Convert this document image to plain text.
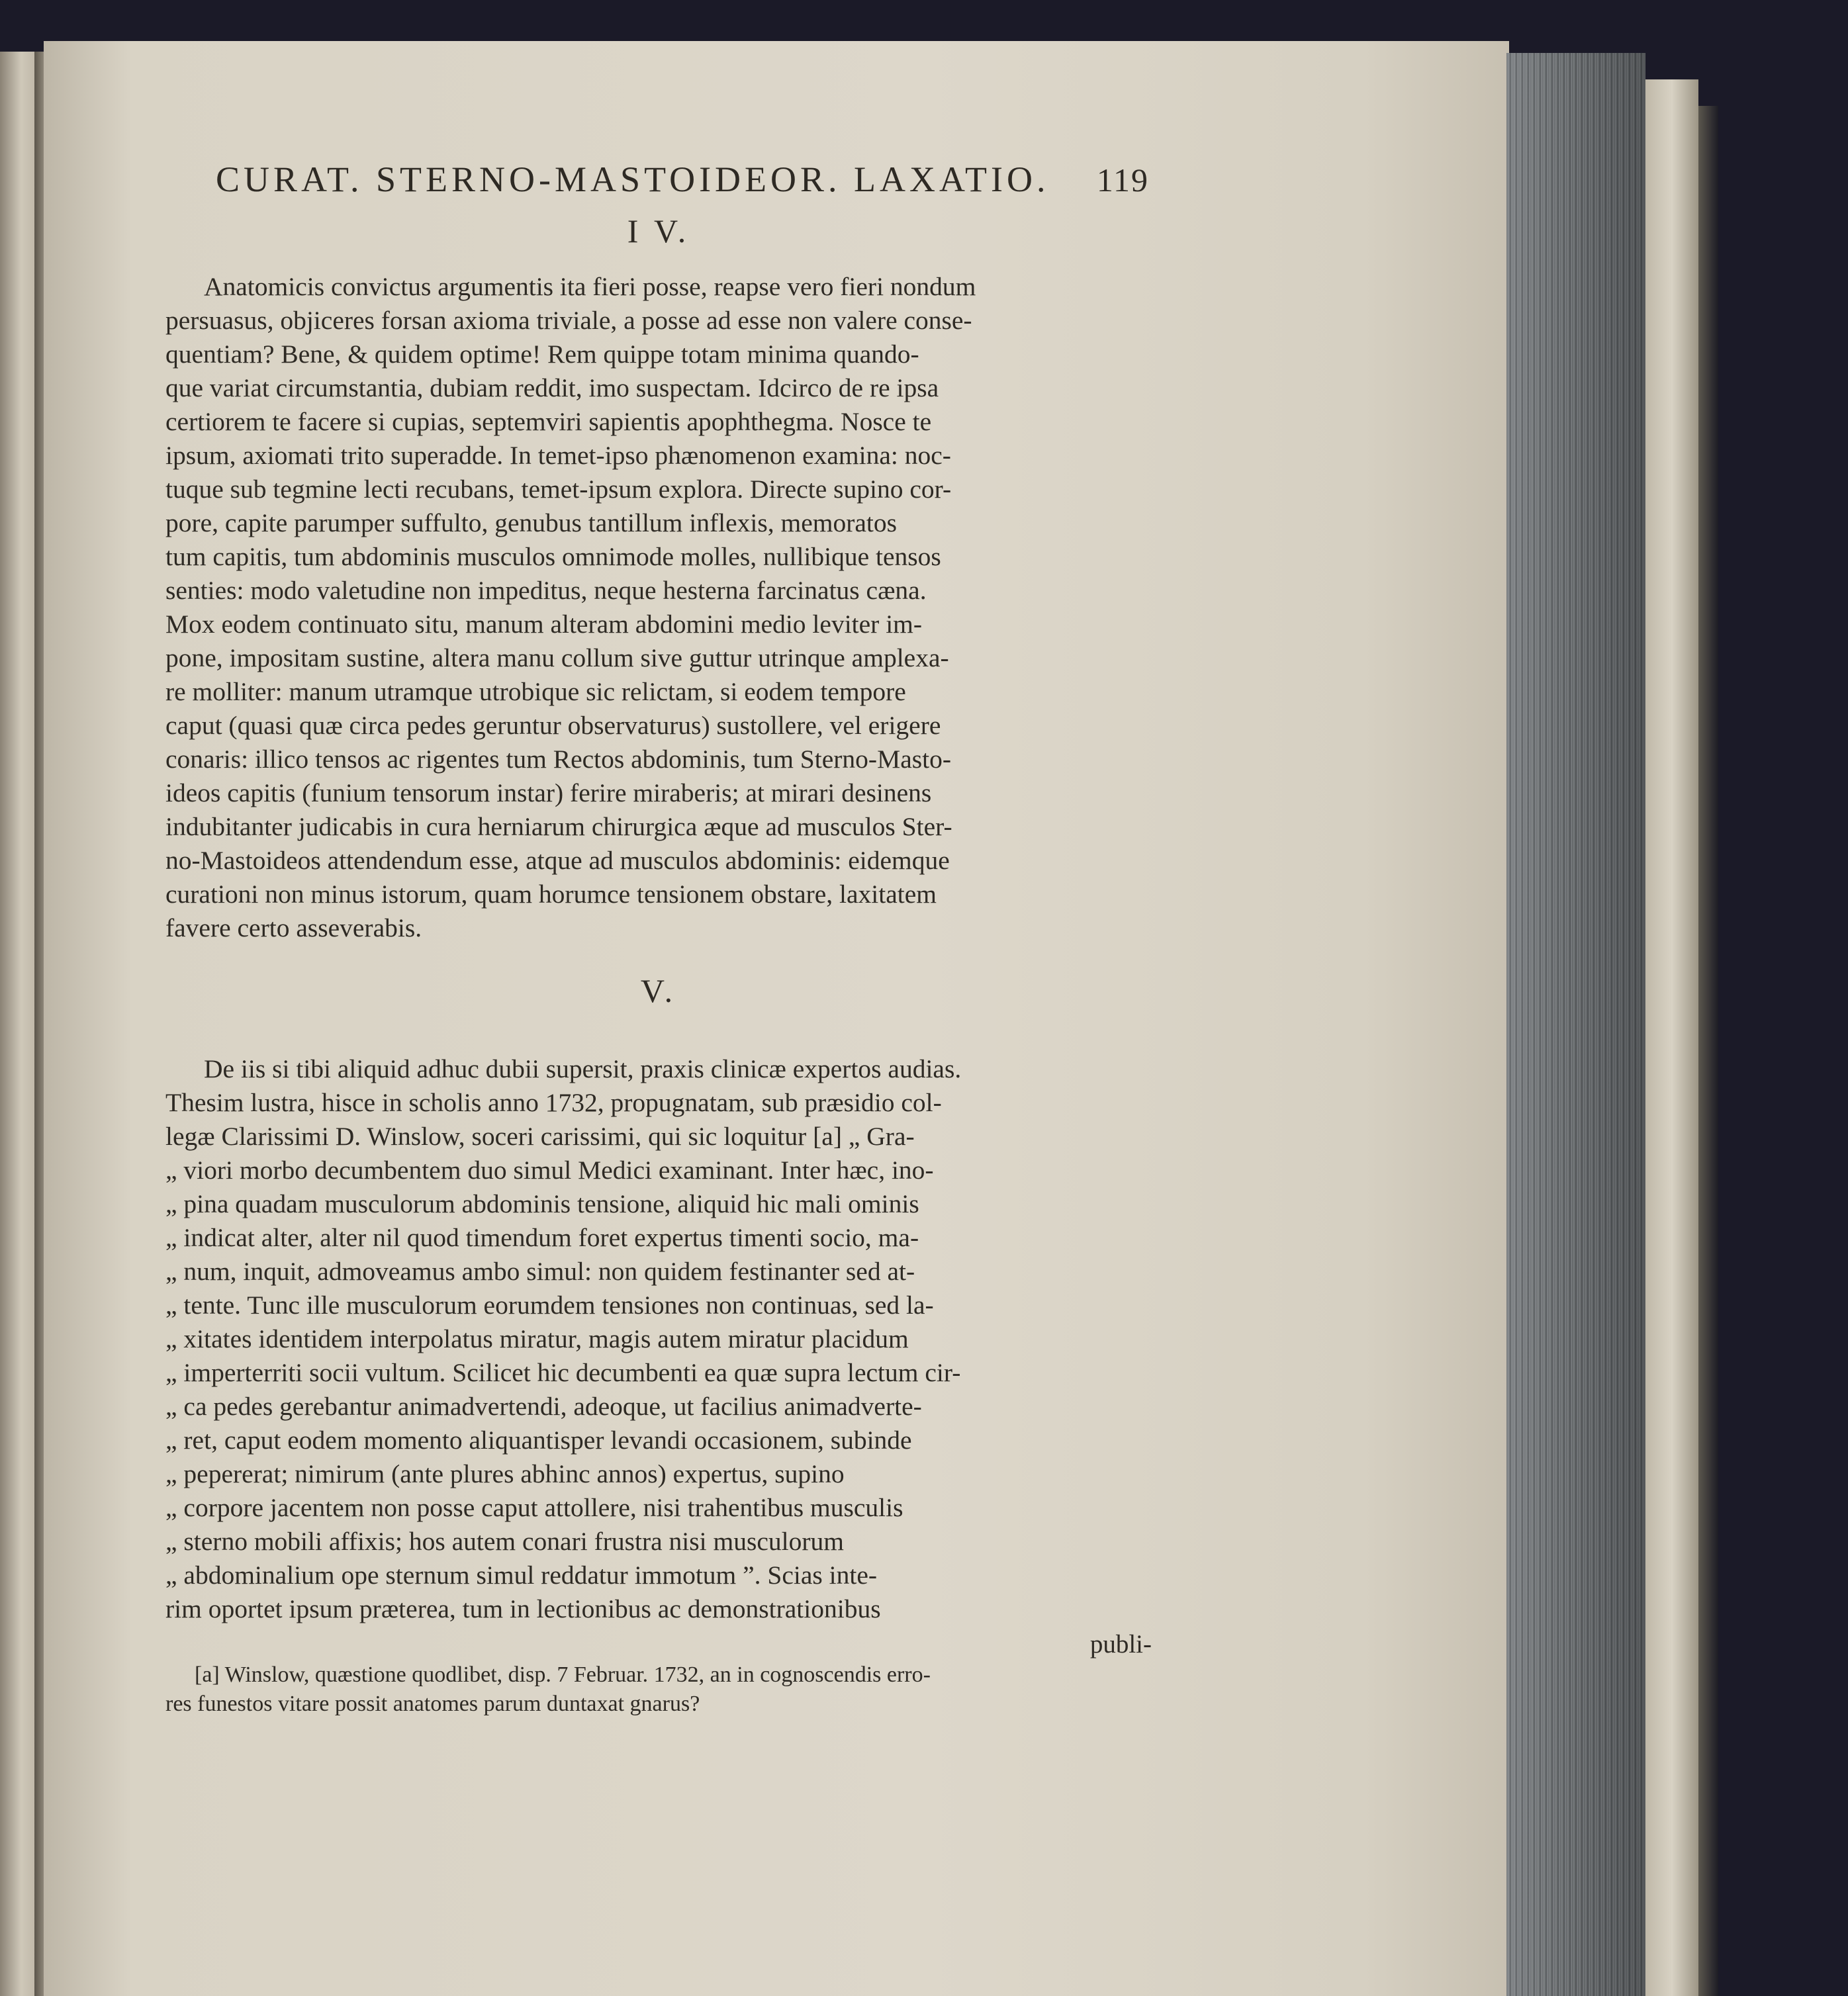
CURAT. STERNO-MASTOIDEOR. LAXATIO. 119
I V.

Anatomicis convictus argumentis ita fieri posse, reapse vero fieri nondum
persuasus, objiceres forsan axioma triviale, a posse ad esse non valere conse-
quentiam? Bene, & quidem optime! Rem quippe totam minima quando-
que variat circumstantia, dubiam reddit, imo suspectam. Idcirco de re ipsa
certiorem te facere si cupias, septemviri sapientis apophthegma. Nosce te
ipsum, axiomati trito superadde. In temet-ipso phænomenon examina: noc-
tuque sub tegmine lecti recubans, temet-ipsum explora. Directe supino cor-
pore, capite parumper suffulto, genubus tantillum inflexis, memoratos
tum capitis, tum abdominis musculos omnimode molles, nullibique tensos
senties: modo valetudine non impeditus, neque hesterna farcinatus cæna.
Mox eodem continuato situ, manum alteram abdomini medio leviter im-
pone, impositam sustine, altera manu collum sive guttur utrinque amplexa-
re molliter: manum utramque utrobique sic relictam, si eodem tempore
caput (quasi quæ circa pedes geruntur observaturus) sustollere, vel erigere
conaris: illico tensos ac rigentes tum Rectos abdominis, tum Sterno-Masto-
ideos capitis (funium tensorum instar) ferire miraberis; at mirari desinens
indubitanter judicabis in cura herniarum chirurgica æque ad musculos Ster-
no-Mastoideos attendendum esse, atque ad musculos abdominis: eidemque
curationi non minus istorum, quam horumce tensionem obstare, laxitatem
favere certo asseverabis.

V.

De iis si tibi aliquid adhuc dubii supersit, praxis clinicæ expertos audias.
Thesim lustra, hisce in scholis anno 1732, propugnatam, sub præsidio col-
legæ Clarissimi D. Winslow, soceri carissimi, qui sic loquitur [a] „ Gra-
„ viori morbo decumbentem duo simul Medici examinant. Inter hæc, ino-
„ pina quadam musculorum abdominis tensione, aliquid hic mali ominis
„ indicat alter, alter nil quod timendum foret expertus timenti socio, ma-
„ num, inquit, admoveamus ambo simul: non quidem festinanter sed at-
„ tente. Tunc ille musculorum eorumdem tensiones non continuas, sed la-
„ xitates identidem interpolatus miratur, magis autem miratur placidum
„ imperterriti socii vultum. Scilicet hic decumbenti ea quæ supra lectum cir-
„ ca pedes gerebantur animadvertendi, adeoque, ut facilius animadverte-
„ ret, caput eodem momento aliquantisper levandi occasionem, subinde
„ pepererat; nimirum (ante plures abhinc annos) expertus, supino
„ corpore jacentem non posse caput attollere, nisi trahentibus musculis
„ sterno mobili affixis; hos autem conari frustra nisi musculorum
„ abdominalium ope sternum simul reddatur immotum ”. Scias inte-
rim oportet ipsum præterea, tum in lectionibus ac demonstrationibus

publi-
[a] Winslow, quæstione quodlibet, disp. 7 Februar. 1732, an in cognoscendis erro-
res funestos vitare possit anatomes parum duntaxat gnarus?
